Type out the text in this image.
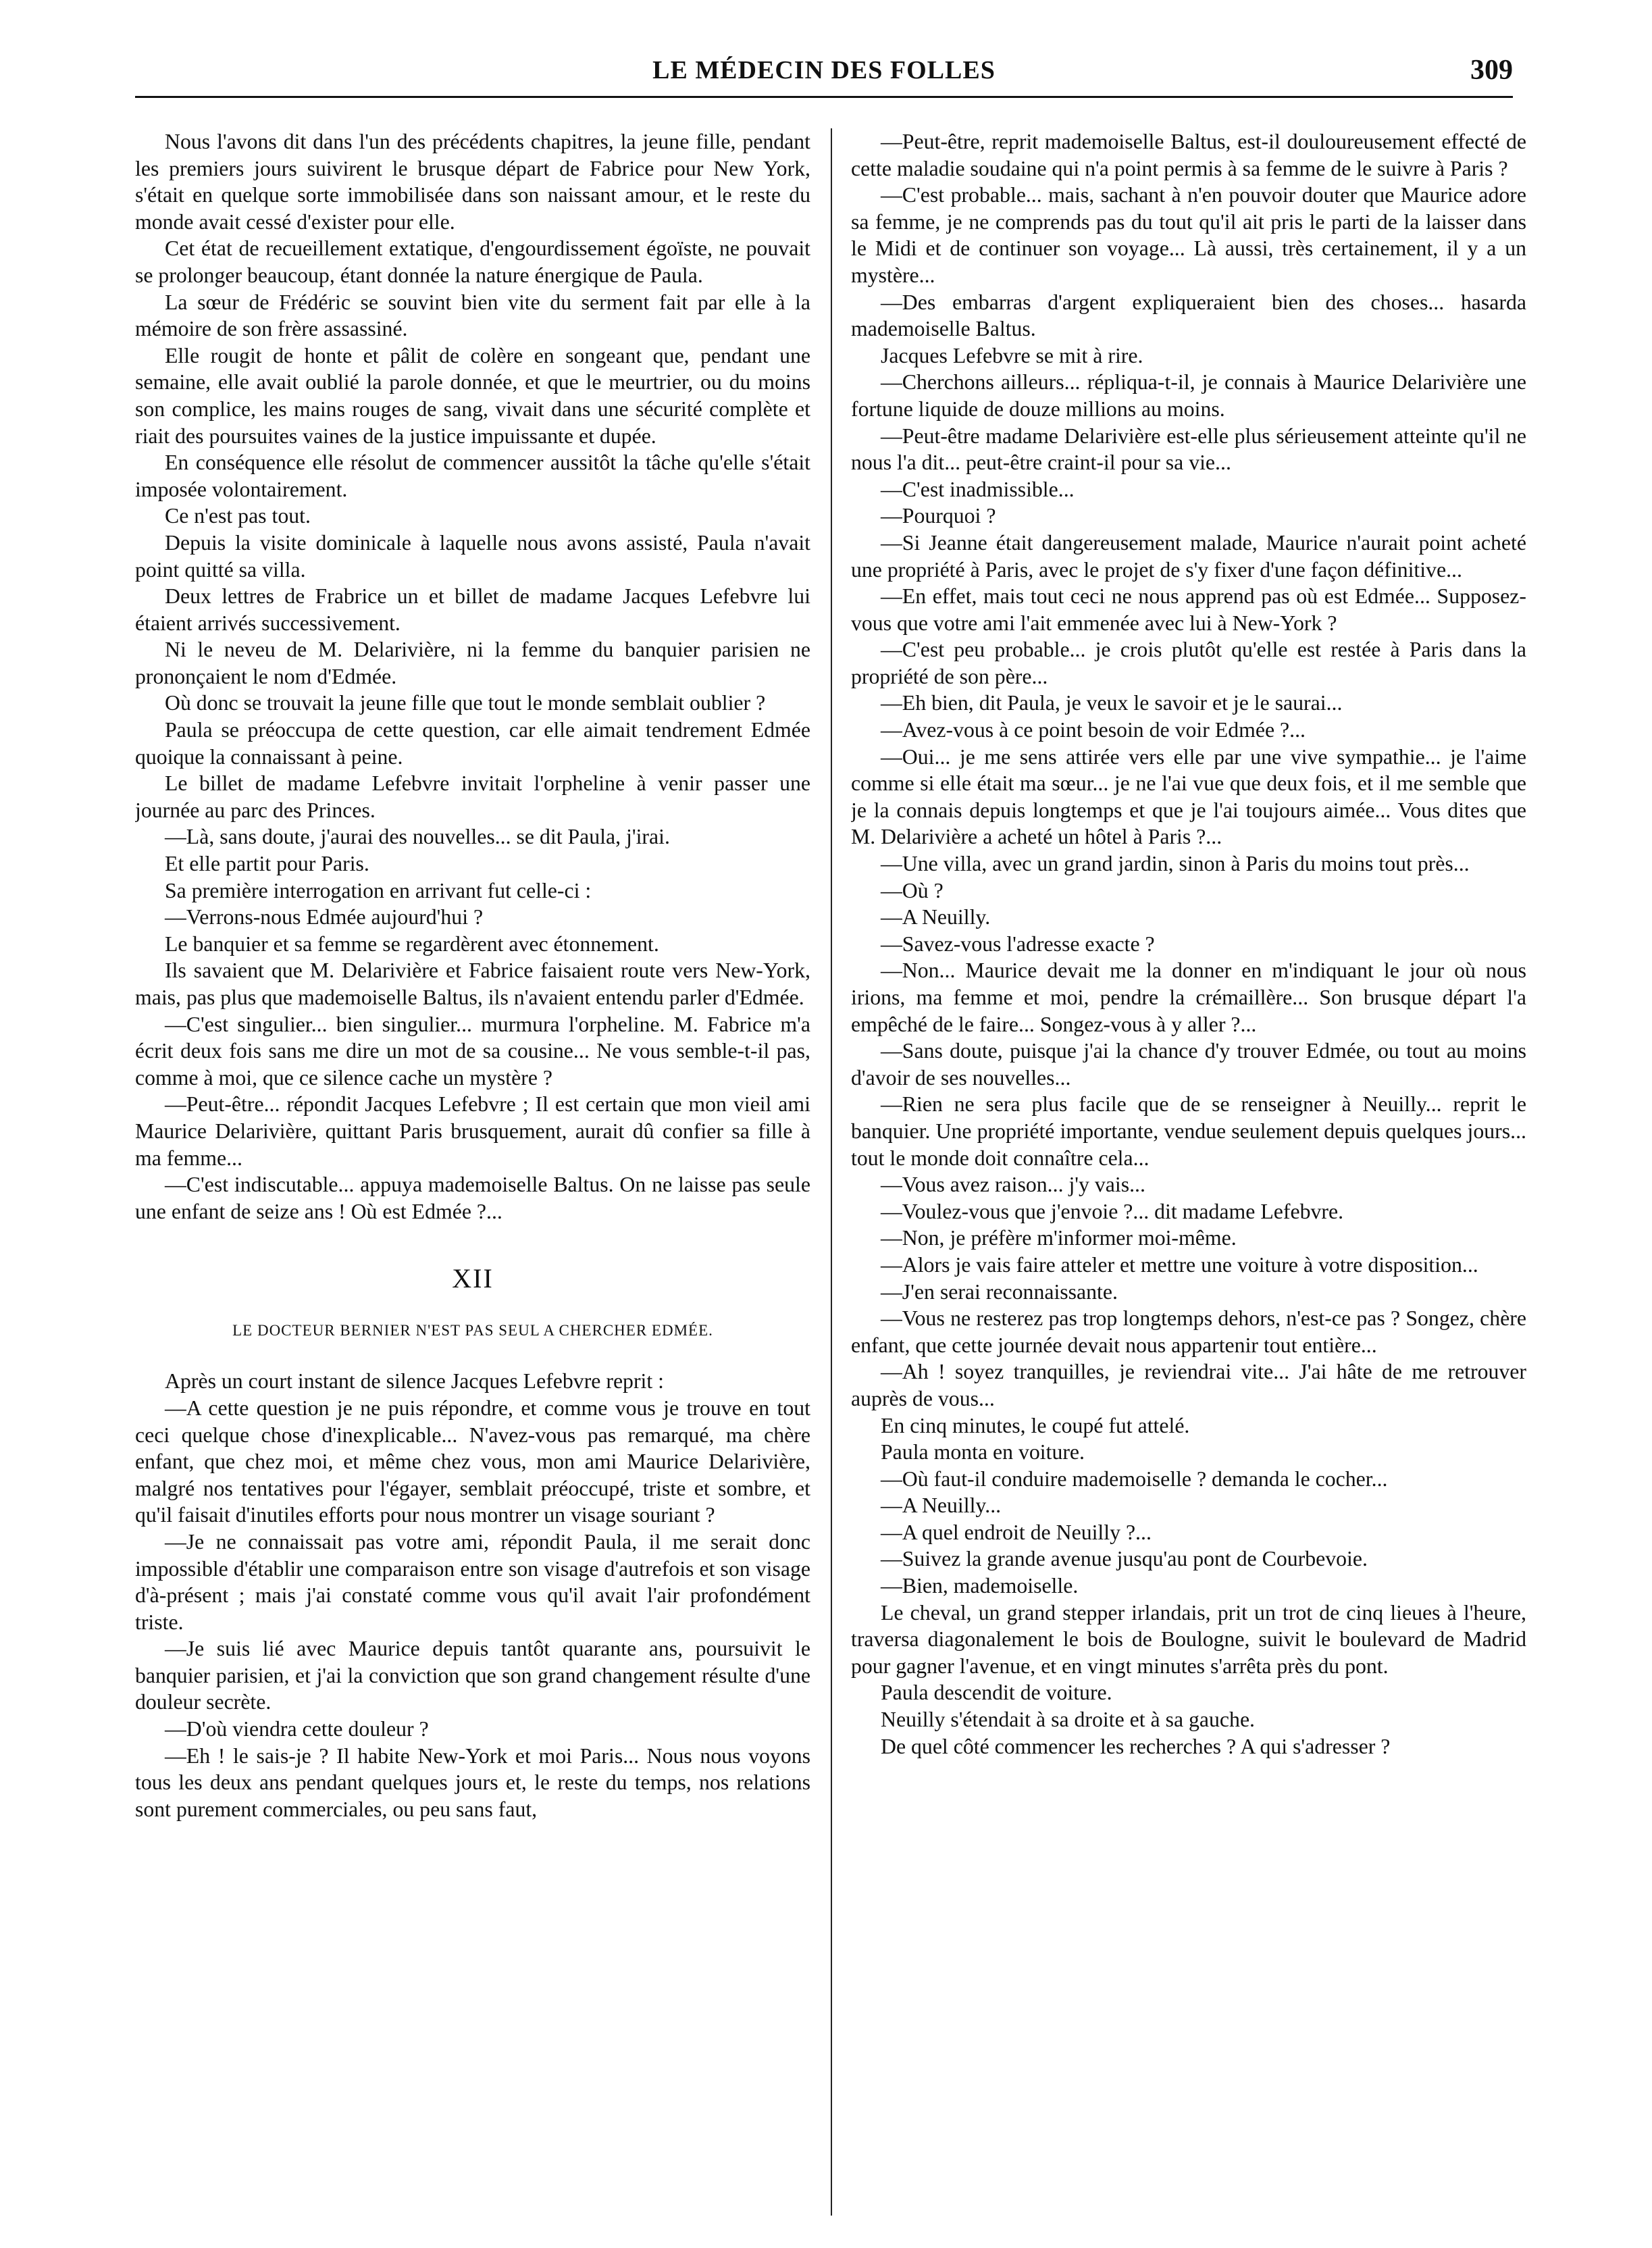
LE MÉDECIN DES FOLLES	309

Nous l'avons dit dans l'un des précédents chapitres, la jeune fille, pendant les premiers jours suivirent le brusque départ de Fabrice pour New York, s'était en quelque sorte immobilisée dans son naissant amour, et le reste du monde avait cessé d'exister pour elle.

Cet état de recueillement extatique, d'engourdissement égoïste, ne pouvait se prolonger beaucoup, étant donnée la nature énergique de Paula.

La sœur de Frédéric se souvint bien vite du serment fait par elle à la mémoire de son frère assassiné.

Elle rougit de honte et pâlit de colère en songeant que, pendant une semaine, elle avait oublié la parole donnée, et que le meurtrier, ou du moins son complice, les mains rouges de sang, vivait dans une sécurité complète et riait des poursuites vaines de la justice impuissante et dupée.

En conséquence elle résolut de commencer aussitôt la tâche qu'elle s'était imposée volontairement.

Ce n'est pas tout.

Depuis la visite dominicale à laquelle nous avons assisté, Paula n'avait point quitté sa villa.

Deux lettres de Frabrice un et billet de madame Jacques Lefebvre lui étaient arrivés successivement.

Ni le neveu de M. Delarivière, ni la femme du banquier parisien ne prononçaient le nom d'Edmée.

Où donc se trouvait la jeune fille que tout le monde semblait oublier ?

Paula se préoccupa de cette question, car elle aimait tendrement Edmée quoique la connaissant à peine.

Le billet de madame Lefebvre invitait l'orpheline à venir passer une journée au parc des Princes.

—Là, sans doute, j'aurai des nouvelles... se dit Paula, j'irai.

Et elle partit pour Paris.

Sa première interrogation en arrivant fut celle-ci :

—Verrons-nous Edmée aujourd'hui ?

Le banquier et sa femme se regardèrent avec étonnement.

Ils savaient que M. Delarivière et Fabrice faisaient route vers New-York, mais, pas plus que mademoiselle Baltus, ils n'avaient entendu parler d'Edmée.

—C'est singulier... bien singulier... murmura l'orpheline. M. Fabrice m'a écrit deux fois sans me dire un mot de sa cousine... Ne vous semble-t-il pas, comme à moi, que ce silence cache un mystère ?

—Peut-être... répondit Jacques Lefebvre ; Il est certain que mon vieil ami Maurice Delarivière, quittant Paris brusquement, aurait dû confier sa fille à ma femme...

—C'est indiscutable... appuya mademoiselle Baltus. On ne laisse pas seule une enfant de seize ans ! Où est Edmée ?...

XII
LE DOCTEUR BERNIER N'EST PAS SEUL A CHERCHER EDMÉE.

Après un court instant de silence Jacques Lefebvre reprit :

—A cette question je ne puis répondre, et comme vous je trouve en tout ceci quelque chose d'inexplicable... N'avez-vous pas remarqué, ma chère enfant, que chez moi, et même chez vous, mon ami Maurice Delarivière, malgré nos tentatives pour l'égayer, semblait préoccupé, triste et sombre, et qu'il faisait d'inutiles efforts pour nous montrer un visage souriant ?

—Je ne connaissait pas votre ami, répondit Paula, il me serait donc impossible d'établir une comparaison entre son visage d'autrefois et son visage d'à-présent ; mais j'ai constaté comme vous qu'il avait l'air profondément triste.

—Je suis lié avec Maurice depuis tantôt quarante ans, poursuivit le banquier parisien, et j'ai la conviction que son grand changement résulte d'une douleur secrète.

—D'où viendra cette douleur ?

—Eh ! le sais-je ? Il habite New-York et moi Paris... Nous nous voyons tous les deux ans pendant quelques jours et, le reste du temps, nos relations sont purement commerciales, ou peu sans faut,

—Peut-être, reprit mademoiselle Baltus, est-il douloureusement effecté de cette maladie soudaine qui n'a point permis à sa femme de le suivre à Paris ?

—C'est probable... mais, sachant à n'en pouvoir douter que Maurice adore sa femme, je ne comprends pas du tout qu'il ait pris le parti de la laisser dans le Midi et de continuer son voyage... Là aussi, très certainement, il y a un mystère...

—Des embarras d'argent expliqueraient bien des choses... hasarda mademoiselle Baltus.

Jacques Lefebvre se mit à rire.

—Cherchons ailleurs... répliqua-t-il, je connais à Maurice Delarivière une fortune liquide de douze millions au moins.

—Peut-être madame Delarivière est-elle plus sérieusement atteinte qu'il ne nous l'a dit... peut-être craint-il pour sa vie...

—C'est inadmissible...

—Pourquoi ?

—Si Jeanne était dangereusement malade, Maurice n'aurait point acheté une propriété à Paris, avec le projet de s'y fixer d'une façon définitive...

—En effet, mais tout ceci ne nous apprend pas où est Edmée... Supposez-vous que votre ami l'ait emmenée avec lui à New-York ?

—C'est peu probable... je crois plutôt qu'elle est restée à Paris dans la propriété de son père...

—Eh bien, dit Paula, je veux le savoir et je le saurai...

—Avez-vous à ce point besoin de voir Edmée ?...

—Oui... je me sens attirée vers elle par une vive sympathie... je l'aime comme si elle était ma sœur... je ne l'ai vue que deux fois, et il me semble que je la connais depuis longtemps et que je l'ai toujours aimée... Vous dites que M. Delarivière a acheté un hôtel à Paris ?...

—Une villa, avec un grand jardin, sinon à Paris du moins tout près...

—Où ?

—A Neuilly.

—Savez-vous l'adresse exacte ?

—Non... Maurice devait me la donner en m'indiquant le jour où nous irions, ma femme et moi, pendre la crémaillère... Son brusque départ l'a empêché de le faire... Songez-vous à y aller ?...

—Sans doute, puisque j'ai la chance d'y trouver Edmée, ou tout au moins d'avoir de ses nouvelles...

—Rien ne sera plus facile que de se renseigner à Neuilly... reprit le banquier. Une propriété importante, vendue seulement depuis quelques jours... tout le monde doit connaître cela...

—Vous avez raison... j'y vais...

—Voulez-vous que j'envoie ?... dit madame Lefebvre.

—Non, je préfère m'informer moi-même.

—Alors je vais faire atteler et mettre une voiture à votre disposition...

—J'en serai reconnaissante.

—Vous ne resterez pas trop longtemps dehors, n'est-ce pas ? Songez, chère enfant, que cette journée devait nous appartenir tout entière...

—Ah ! soyez tranquilles, je reviendrai vite... J'ai hâte de me retrouver auprès de vous...

En cinq minutes, le coupé fut attelé.

Paula monta en voiture.

—Où faut-il conduire mademoiselle ? demanda le cocher...

—A Neuilly...

—A quel endroit de Neuilly ?...

—Suivez la grande avenue jusqu'au pont de Courbevoie.

—Bien, mademoiselle.

Le cheval, un grand stepper irlandais, prit un trot de cinq lieues à l'heure, traversa diagonalement le bois de Boulogne, suivit le boulevard de Madrid pour gagner l'avenue, et en vingt minutes s'arrêta près du pont.

Paula descendit de voiture.

Neuilly s'étendait à sa droite et à sa gauche.

De quel côté commencer les recherches ? A qui s'adresser ?
